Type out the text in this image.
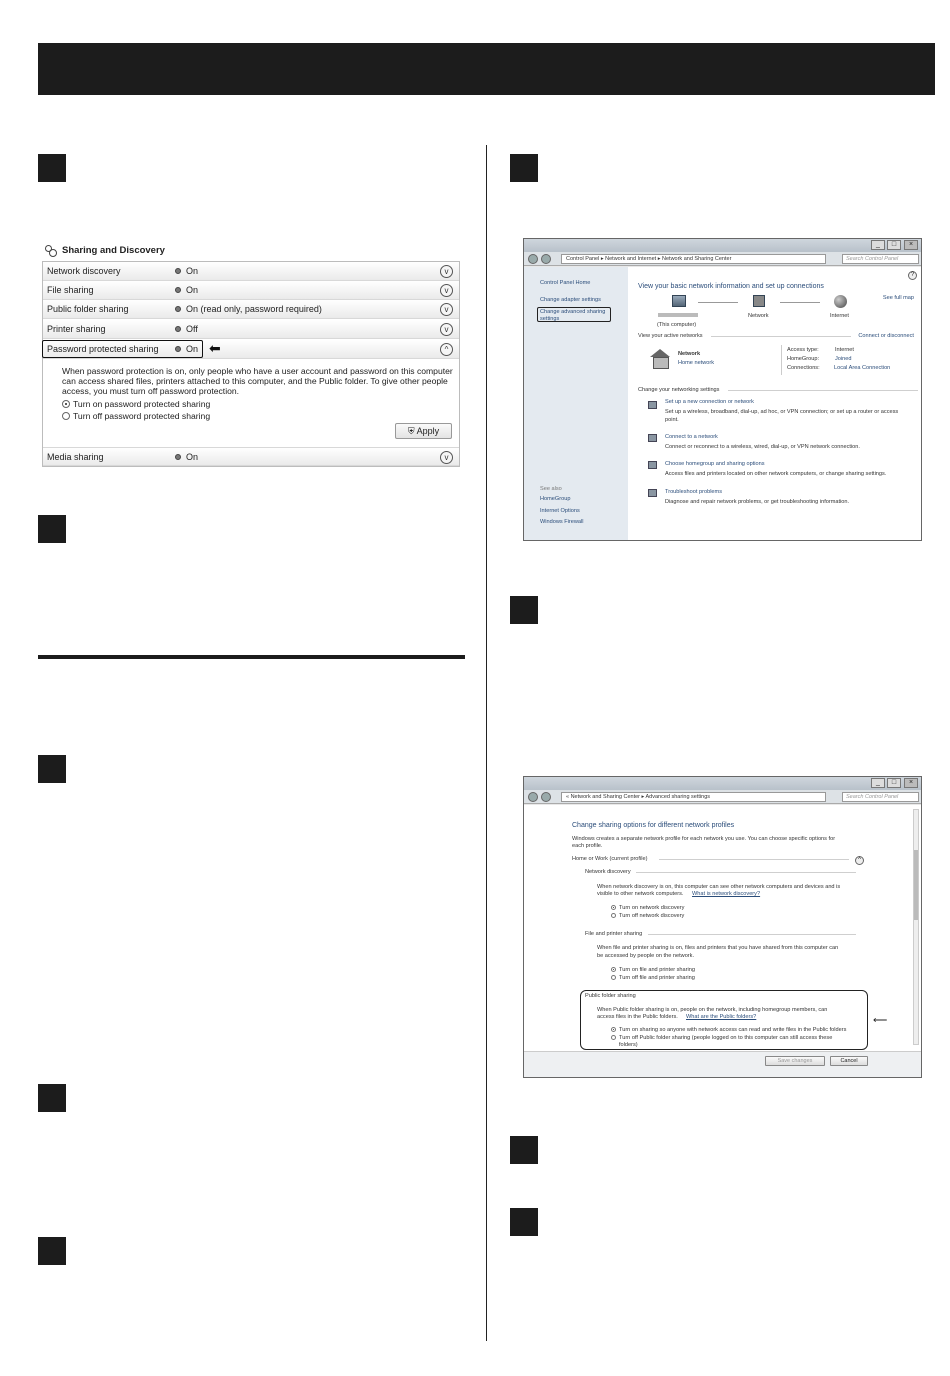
Sharing and Discovery
Network discovery	On	v
File sharing	On	v
Public folder sharing	On (read only, password required)	v
Printer sharing	Off	v
Password protected sharing	On	^
Media sharing	On	v
⬅
When password protection is on, only people who have a user account and password on this computer can access shared files, printers attached to this computer, and the Public folder. To give other people access, you must turn off password protection.
Turn on password protected sharing
Turn off password protected sharing
⛨ Apply
_	□	×
Control Panel ▸ Network and Internet ▸ Network and Sharing Center	Search Control Panel
Control Panel Home
Change adapter settings
Change advanced sharing
settings
See also
HomeGroup
Internet Options
Windows Firewall
View your basic network information and set up connections
?
See full map
(This computer)
Network	Internet
View your active networks	Connect or disconnect
Network
Home network
Access type:	Internet
HomeGroup:	Joined
Connections:	Local Area Connection
Change your networking settings
Set up a new connection or network
Set up a wireless, broadband, dial-up, ad hoc, or VPN connection; or set up a router or access
point.
Connect to a network
Connect or reconnect to a wireless, wired, dial-up, or VPN network connection.
Choose homegroup and sharing options
Access files and printers located on other network computers, or change sharing settings.
Troubleshoot problems
Diagnose and repair network problems, or get troubleshooting information.
_	□	×
« Network and Sharing Center ▸ Advanced sharing settings	Search Control Panel
Change sharing options for different network profiles
Windows creates a separate network profile for each network you use. You can choose specific options for
each profile.
Home or Work (current profile)	^
Network discovery
When network discovery is on, this computer can see other network computers and devices and is
visible to other network computers. What is network discovery?
Turn on network discovery
Turn off network discovery
File and printer sharing
When file and printer sharing is on, files and printers that you have shared from this computer can
be accessed by people on the network.
Turn on file and printer sharing
Turn off file and printer sharing
Public folder sharing
When Public folder sharing is on, people on the network, including homegroup members, can
access files in the Public folders. What are the Public folders?
Turn on sharing so anyone with network access can read and write files in the Public folders
Turn off Public folder sharing (people logged on to this computer can still access these
folders)
⟵
Save changes	Cancel
